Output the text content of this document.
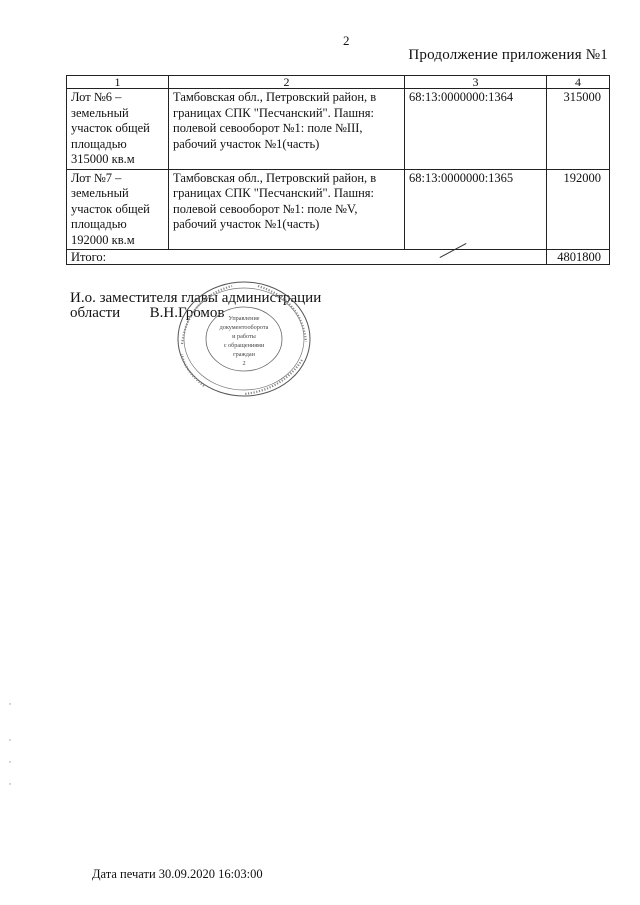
2
Продолжение приложения №1
1	2	3	4
Лот №6 – земельный участок общей площадью 315000 кв.м	Тамбовская обл., Петровский район, в границах СПК "Песчанский". Пашня: полевой севооборот №1: поле №III, рабочий участок №1(часть)	68:13:0000000:1364	315000
Лот №7 – земельный участок общей площадью 192000 кв.м	Тамбовская обл., Петровский район, в границах СПК "Песчанский". Пашня: полевой севооборот №1: поле №V, рабочий участок №1(часть)	68:13:0000000:1365	192000
Итого:			4801800
И.о. заместителя главы администрации
области В.Н.Громов Управление
документооборота
и работы
с обращениями
граждан
2
Дата печати 30.09.2020 16:03:00
